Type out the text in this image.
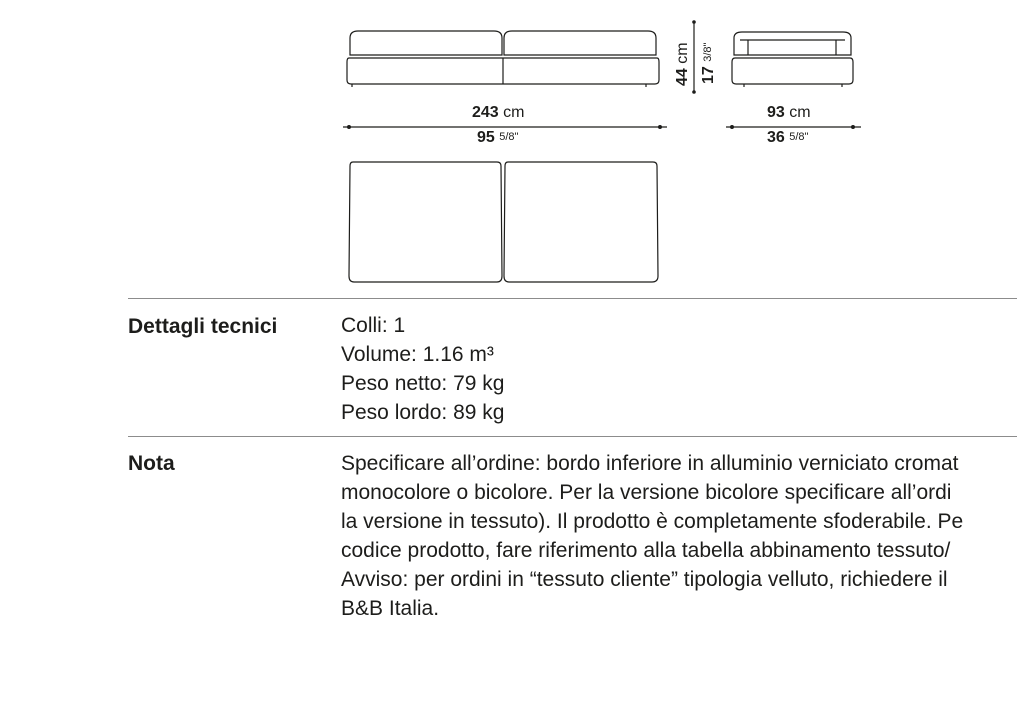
243 cm
95 5/8"
93 cm
36 5/8"
44 cm
17 3/8"
Dettagli tecnici	Colli: 1
Volume: 1.16 m³
Peso netto: 79 kg
Peso lordo: 89 kg
Nota	Specificare all’ordine: bordo inferiore in alluminio verniciato cromat
monocolore o bicolore. Per la versione bicolore specificare all’ordi
la versione in tessuto). Il prodotto è completamente sfoderabile. Pe
codice prodotto, fare riferimento alla tabella abbinamento tessuto/
Avviso: per ordini in “tessuto cliente” tipologia velluto, richiedere il
B&B Italia.
